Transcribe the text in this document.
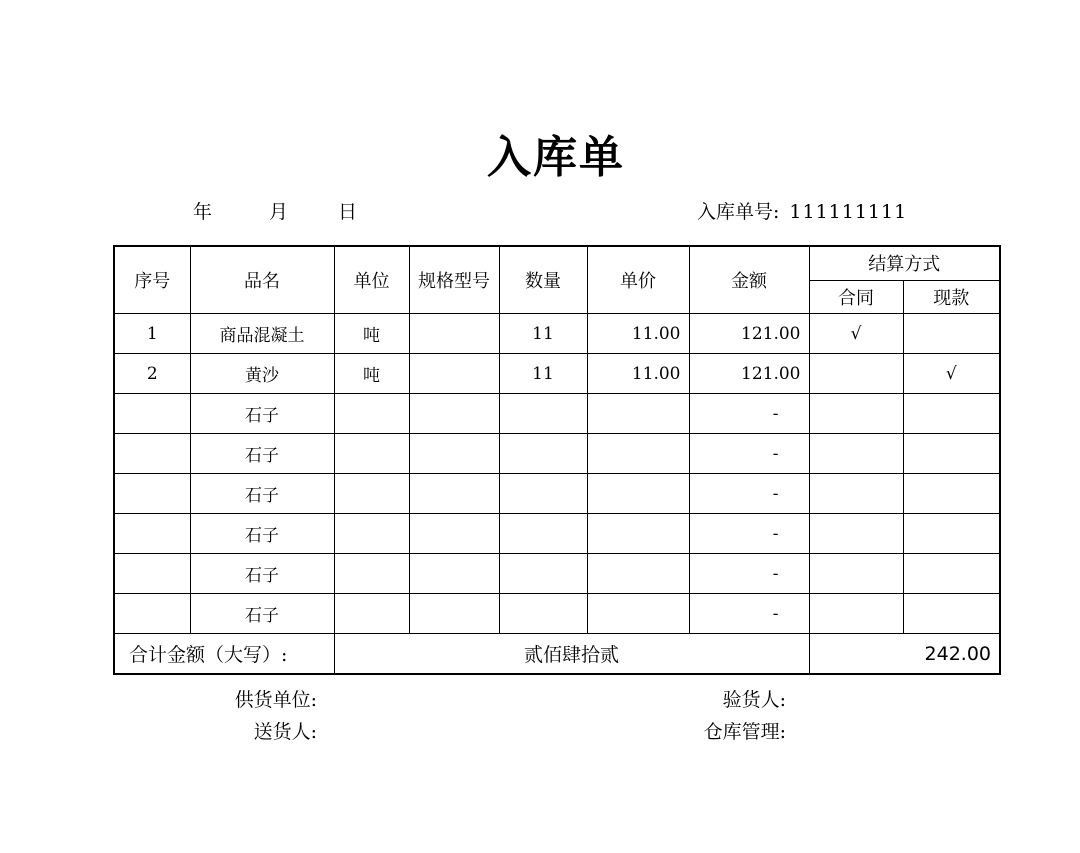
入库单
年	月	日	入库单号: 111111111
序号	品名	单位	规格型号	数量	单价	金额	结算方式	
							合同	现款
1	商品混凝土	吨		11	11.00	121.00	√	
2	黄沙	吨		11	11.00	121.00		√
	石子					-		
	石子					-		
	石子					-		
	石子					-		
	石子					-		
	石子					-		
合计金额（大写）:		贰佰肆拾贰					242.00	
供货单位:	验货人:
送货人:	仓库管理:
